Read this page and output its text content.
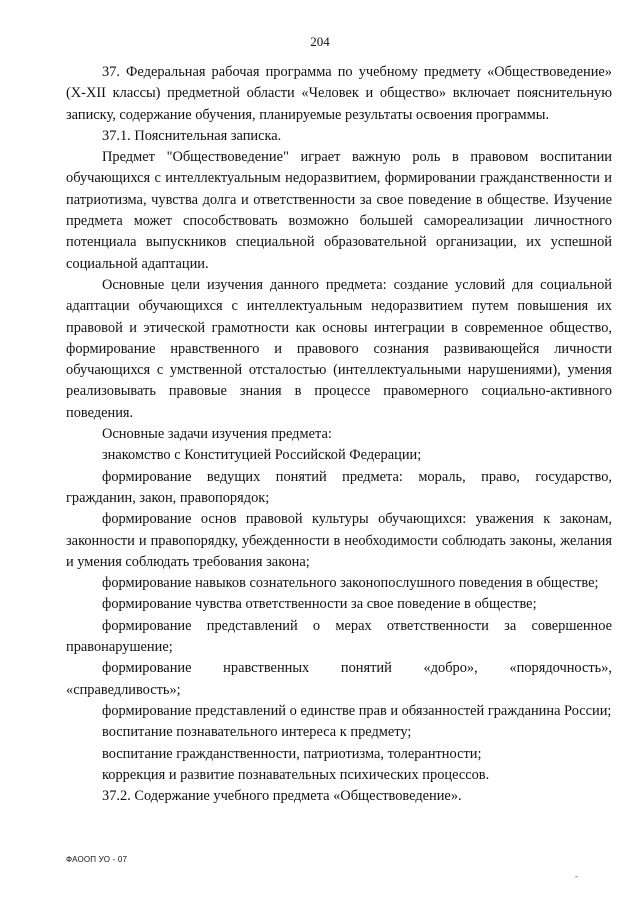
204

37. Федеральная рабочая программа по учебному предмету «Обществоведение» (X-XII классы) предметной области «Человек и общество» включает пояснительную записку, содержание обучения, планируемые результаты освоения программы.

37.1. Пояснительная записка.

Предмет "Обществоведение" играет важную роль в правовом воспитании обучающихся с интеллектуальным недоразвитием, формировании гражданственности и патриотизма, чувства долга и ответственности за свое поведение в обществе. Изучение предмета может способствовать возможно большей самореализации личностного потенциала выпускников специальной образовательной организации, их успешной социальной адаптации.

Основные цели изучения данного предмета: создание условий для социальной адаптации обучающихся с интеллектуальным недоразвитием путем повышения их правовой и этической грамотности как основы интеграции в современное общество, формирование нравственного и правового сознания развивающейся личности обучающихся с умственной отсталостью (интеллектуальными нарушениями), умения реализовывать правовые знания в процессе правомерного социально-активного поведения.

Основные задачи изучения предмета:

знакомство с Конституцией Российской Федерации;

формирование ведущих понятий предмета: мораль, право, государство, гражданин, закон, правопорядок;

формирование основ правовой культуры обучающихся: уважения к законам, законности и правопорядку, убежденности в необходимости соблюдать законы, желания и умения соблюдать требования закона;

формирование навыков сознательного законопослушного поведения в обществе;

формирование чувства ответственности за свое поведение в обществе;

формирование представлений о мерах ответственности за совершенное правонарушение;

формирование нравственных понятий «добро», «порядочность», «справедливость»;

формирование представлений о единстве прав и обязанностей гражданина России;

воспитание познавательного интереса к предмету;

воспитание гражданственности, патриотизма, толерантности;

коррекция и развитие познавательных психических процессов.

37.2. Содержание учебного предмета «Обществоведение».

ФАООП УО - 07
-
